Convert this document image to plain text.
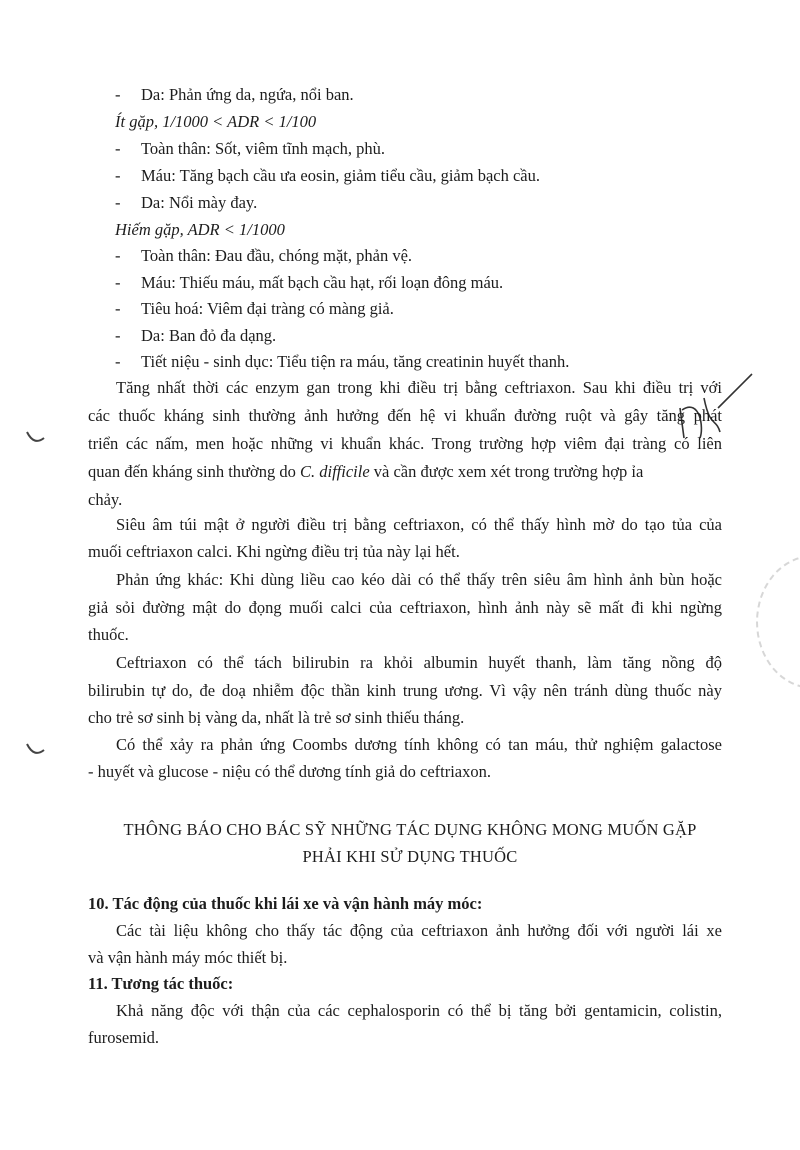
- Da: Phản ứng da, ngứa, nổi ban.
Ít gặp, 1/1000 < ADR < 1/100
- Toàn thân: Sốt, viêm tĩnh mạch, phù.
- Máu: Tăng bạch cầu ưa eosin, giảm tiểu cầu, giảm bạch cầu.
- Da: Nổi mày đay.
Hiếm gặp, ADR < 1/1000
- Toàn thân: Đau đầu, chóng mặt, phản vệ.
- Máu: Thiếu máu, mất bạch cầu hạt, rối loạn đông máu.
- Tiêu hoá: Viêm đại tràng có màng giả.
- Da: Ban đỏ đa dạng.
- Tiết niệu - sinh dục: Tiểu tiện ra máu, tăng creatinin huyết thanh.
Tăng nhất thời các enzym gan trong khi điều trị bằng ceftriaxon. Sau khi điều trị với
các thuốc kháng sinh thường ảnh hưởng đến hệ vi khuẩn đường ruột và gây tăng phát
triển các nấm, men hoặc những vi khuẩn khác. Trong trường hợp viêm đại tràng có liên
quan đến kháng sinh thường do C. difficile và cần được xem xét trong trường hợp ỉa
chảy.
Siêu âm túi mật ở người điều trị bằng ceftriaxon, có thể thấy hình mờ do tạo tủa của
muối ceftriaxon calci. Khi ngừng điều trị tủa này lại hết.
Phản ứng khác: Khi dùng liều cao kéo dài có thể thấy trên siêu âm hình ảnh bùn hoặc
giả sỏi đường mật do đọng muối calci của ceftriaxon, hình ảnh này sẽ mất đi khi ngừng
thuốc.
Ceftriaxon có thể tách bilirubin ra khỏi albumin huyết thanh, làm tăng nồng độ
bilirubin tự do, đe doạ nhiễm độc thần kinh trung ương. Vì vậy nên tránh dùng thuốc này
cho trẻ sơ sinh bị vàng da, nhất là trẻ sơ sinh thiếu tháng.
Có thể xảy ra phản ứng Coombs dương tính không có tan máu, thử nghiệm galactose
- huyết và glucose - niệu có thể dương tính giả do ceftriaxon.
THÔNG BÁO CHO BÁC SỸ NHỮNG TÁC DỤNG KHÔNG MONG MUỐN GẶP
PHẢI KHI SỬ DỤNG THUỐC
10. Tác động của thuốc khi lái xe và vận hành máy móc:
Các tài liệu không cho thấy tác động của ceftriaxon ảnh hưởng đối với người lái xe
và vận hành máy móc thiết bị.
11. Tương tác thuốc:
Khả năng độc với thận của các cephalosporin có thể bị tăng bởi gentamicin, colistin,
furosemid.
